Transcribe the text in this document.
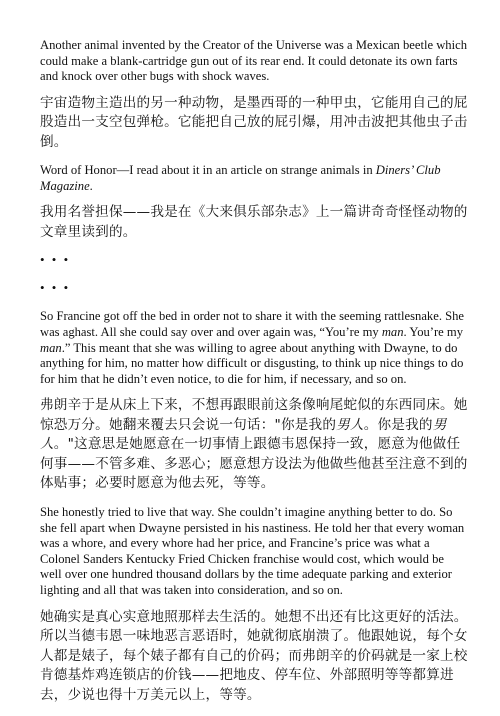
Another animal invented by the Creator of the Universe was a Mexican beetle which could make a blank-cartridge gun out of its rear end. It could detonate its own farts and knock over other bugs with shock waves.

宇宙造物主造出的另一种动物，是墨西哥的一种甲虫，它能用自己的屁股造出一支空包弹枪。它能把自己放的屁引爆，用冲击波把其他虫子击倒。

Word of Honor—I read about it in an article on strange animals in Diners’ Club Magazine.

我用名誉担保——我是在《大来俱乐部杂志》上一篇讲奇奇怪怪动物的文章里读到的。

• • •

• • •

So Francine got off the bed in order not to share it with the seeming rattlesnake. She was aghast. All she could say over and over again was, “You’re my man. You’re my man.” This meant that she was willing to agree about anything with Dwayne, to do anything for him, no matter how difficult or disgusting, to think up nice things to do for him that he didn’t even notice, to die for him, if necessary, and so on.

弗朗辛于是从床上下来，不想再跟眼前这条像响尾蛇似的东西同床。她惊恐万分。她翻来覆去只会说一句话："你是我的男人。你是我的男人。"这意思是她愿意在一切事情上跟德韦恩保持一致，愿意为他做任何事——不管多难、多恶心；愿意想方设法为他做些他甚至注意不到的体贴事；必要时愿意为他去死，等等。

She honestly tried to live that way. She couldn’t imagine anything better to do. So she fell apart when Dwayne persisted in his nastiness. He told her that every woman was a whore, and every whore had her price, and Francine’s price was what a Colonel Sanders Kentucky Fried Chicken franchise would cost, which would be well over one hundred thousand dollars by the time adequate parking and exterior lighting and all that was taken into consideration, and so on.

她确实是真心实意地照那样去生活的。她想不出还有比这更好的活法。所以当德韦恩一味地恶言恶语时，她就彻底崩溃了。他跟她说，每个女人都是婊子，每个婊子都有自己的价码；而弗朗辛的价码就是一家上校肯德基炸鸡连锁店的价钱——把地皮、停车位、外部照明等等都算进去，少说也得十万美元以上，等等。
